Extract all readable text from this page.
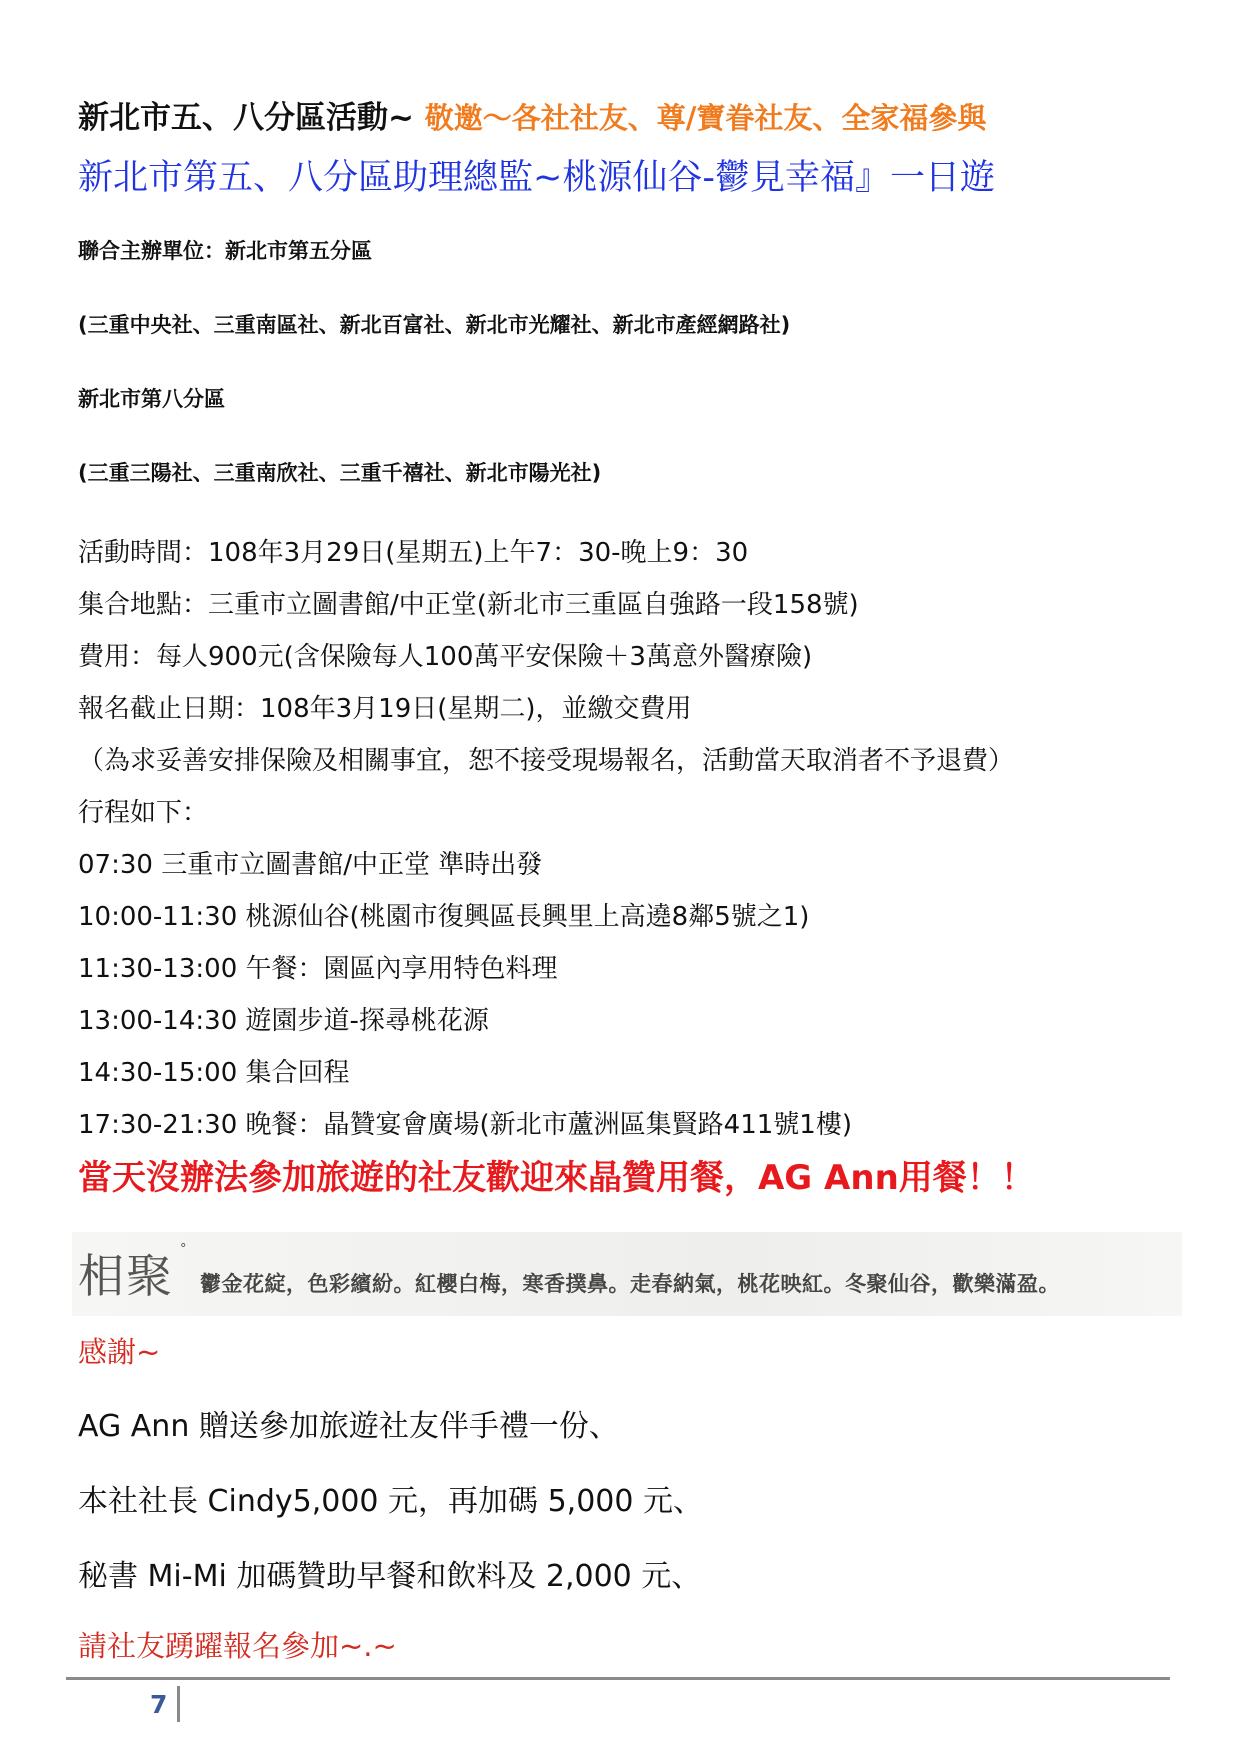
新北市五、八分區活動~ 敬邀～各社社友、尊/寶眷社友、全家福參與
新北市第五、八分區助理總監~桃源仙谷-鬱見幸福』一日遊
聯合主辦單位：新北市第五分區
(三重中央社、三重南區社、新北百富社、新北市光耀社、新北市產經網路社)
新北市第八分區
(三重三陽社、三重南欣社、三重千禧社、新北市陽光社)
活動時間：108年3月29日(星期五)上午7：30-晚上9：30
集合地點：三重市立圖書館/中正堂(新北市三重區自強路一段158號)
費用：每人900元(含保險每人100萬平安保險＋3萬意外醫療險)
報名截止日期：108年3月19日(星期二)，並繳交費用
（為求妥善安排保險及相關事宜，恕不接受現場報名，活動當天取消者不予退費）
行程如下：
07:30 三重市立圖書館/中正堂 準時出發
10:00-11:30 桃源仙谷(桃園市復興區長興里上高遶8鄰5號之1)
11:30-13:00 午餐：園區內享用特色料理
13:00-14:30 遊園步道-探尋桃花源
14:30-15:00 集合回程
17:30-21:30 晚餐：晶贊宴會廣場(新北市蘆洲區集賢路411號1樓)
當天沒辦法參加旅遊的社友歡迎來晶贊用餐，AG Ann用餐！！
相聚 °
鬱金花綻，色彩繽紛。紅櫻白梅，寒香撲鼻。走春納氣，桃花映紅。冬聚仙谷，歡樂滿盈。
感謝~
AG Ann 贈送參加旅遊社友伴手禮一份、
本社社長 Cindy5,000 元，再加碼 5,000 元、
秘書 Mi-Mi 加碼贊助早餐和飲料及 2,000 元、
請社友踴躍報名參加~.~
7
